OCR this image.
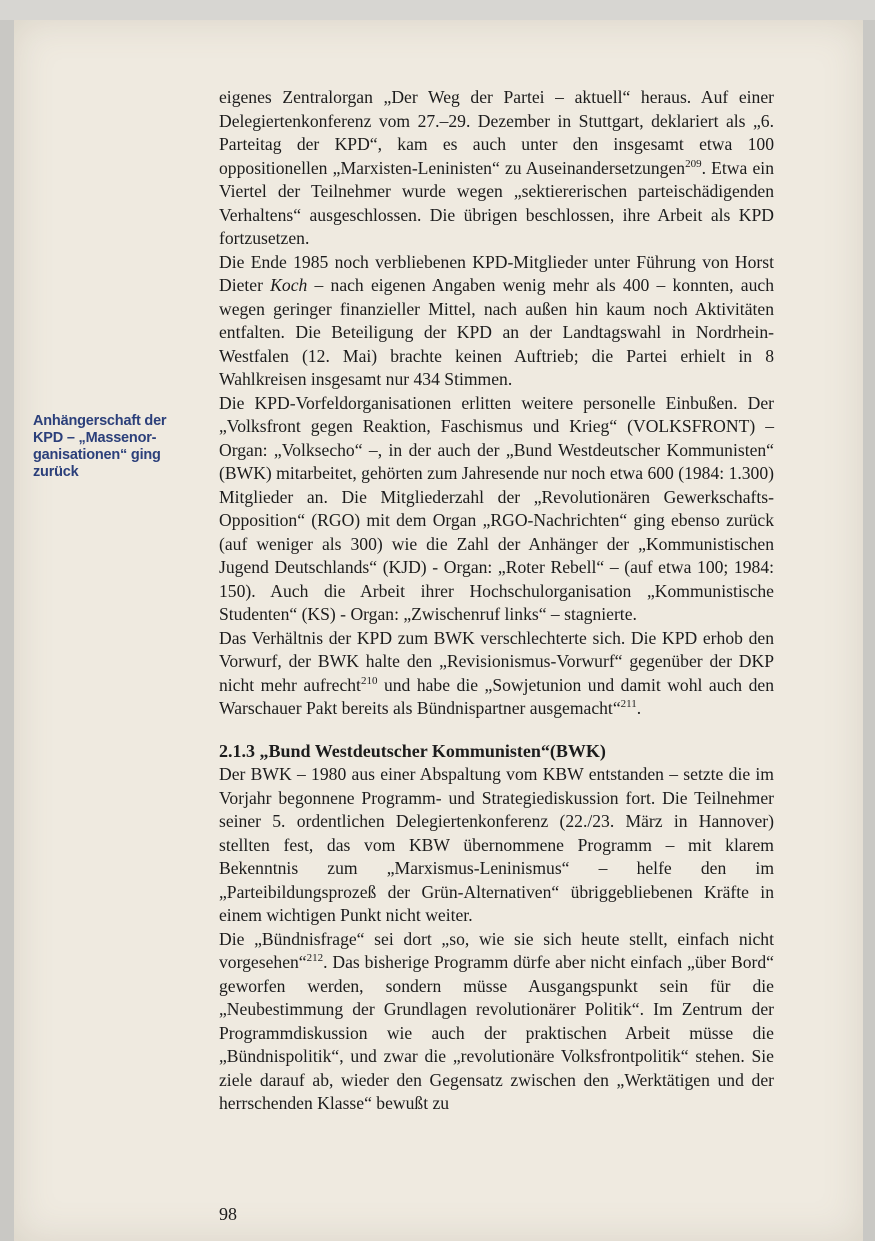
Anhängerschaft der KPD – „Massenor-ganisationen“ ging zurück

eigenes Zentralorgan „Der Weg der Partei – aktuell“ heraus. Auf einer Delegiertenkonferenz vom 27.–29. Dezember in Stuttgart, deklariert als „6. Parteitag der KPD“, kam es auch unter den insgesamt etwa 100 oppositionellen „Marxisten-Leninisten“ zu Auseinandersetzungen$^{209}$. Etwa ein Viertel der Teilnehmer wurde wegen „sektiererischen parteischädigenden Verhaltens“ ausgeschlossen. Die übrigen beschlossen, ihre Arbeit als KPD fortzusetzen.

Die Ende 1985 noch verbliebenen KPD-Mitglieder unter Führung von Horst Dieter Koch – nach eigenen Angaben wenig mehr als 400 – konnten, auch wegen geringer finanzieller Mittel, nach außen hin kaum noch Aktivitäten entfalten. Die Beteiligung der KPD an der Landtagswahl in Nordrhein-Westfalen (12. Mai) brachte keinen Auftrieb; die Partei erhielt in 8 Wahlkreisen insgesamt nur 434 Stimmen.

Die KPD-Vorfeldorganisationen erlitten weitere personelle Einbußen. Der „Volksfront gegen Reaktion, Faschismus und Krieg“ (VOLKSFRONT) – Organ: „Volksecho“ –, in der auch der „Bund Westdeutscher Kommunisten“ (BWK) mitarbeitet, gehörten zum Jahresende nur noch etwa 600 (1984: 1.300) Mitglieder an. Die Mitgliederzahl der „Revolutionären Gewerkschafts-Opposition“ (RGO) mit dem Organ „RGO-Nachrichten“ ging ebenso zurück (auf weniger als 300) wie die Zahl der Anhänger der „Kommunistischen Jugend Deutschlands“ (KJD) - Organ: „Roter Rebell“ – (auf etwa 100; 1984: 150). Auch die Arbeit ihrer Hochschulorganisation „Kommunistische Studenten“ (KS) - Organ: „Zwischenruf links“ – stagnierte.

Das Verhältnis der KPD zum BWK verschlechterte sich. Die KPD erhob den Vorwurf, der BWK halte den „Revisionismus-Vorwurf“ gegenüber der DKP nicht mehr aufrecht$^{210}$ und habe die „Sowjetunion und damit wohl auch den Warschauer Pakt bereits als Bündnispartner ausgemacht“$^{211}$.

2.1.3 „Bund Westdeutscher Kommunisten“(BWK)

Der BWK – 1980 aus einer Abspaltung vom KBW entstanden – setzte die im Vorjahr begonnene Programm- und Strategiediskussion fort. Die Teilnehmer seiner 5. ordentlichen Delegiertenkonferenz (22./23. März in Hannover) stellten fest, das vom KBW übernommene Programm – mit klarem Bekenntnis zum „Marxismus-Leninismus“ – helfe den im „Parteibildungsprozeß der Grün-Alternativen“ übriggebliebenen Kräfte in einem wichtigen Punkt nicht weiter.

Die „Bündnisfrage“ sei dort „so, wie sie sich heute stellt, einfach nicht vorgesehen“$^{212}$. Das bisherige Programm dürfe aber nicht einfach „über Bord“ geworfen werden, sondern müsse Ausgangspunkt sein für die „Neubestimmung der Grundlagen revolutionärer Politik“. Im Zentrum der Programmdiskussion wie auch der praktischen Arbeit müsse die „Bündnispolitik“, und zwar die „revolutionäre Volksfrontpolitik“ stehen. Sie ziele darauf ab, wieder den Gegensatz zwischen den „Werktätigen und der herrschenden Klasse“ bewußt zu

98
